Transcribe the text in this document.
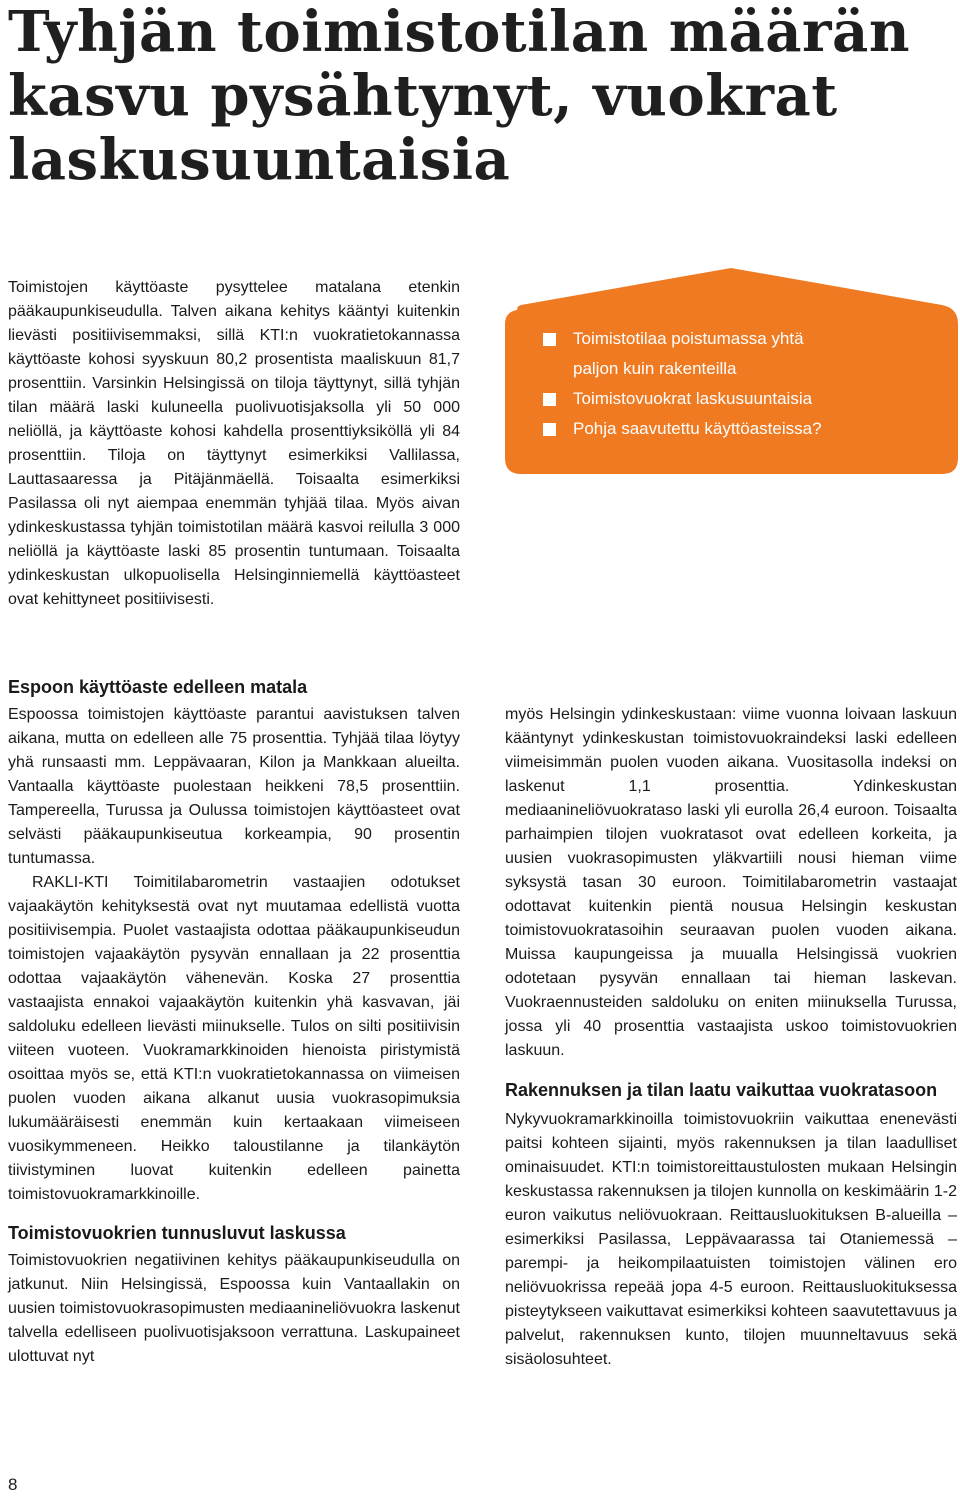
Tyhjän toimistotilan määrän
kasvu pysähtynyt, vuokrat
laskusuuntaisia

Toimistojen käyttöaste pysyttelee matalana etenkin pääkaupunkiseudulla. Talven aikana kehitys kääntyi kuitenkin lievästi positiivisemmaksi, sillä KTI:n vuokratietokannassa käyttöaste kohosi syyskuun 80,2 prosentista maaliskuun 81,7 prosenttiin. Varsinkin Helsingissä on tiloja täyttynyt, sillä tyhjän tilan määrä laski kuluneella puolivuotisjaksolla yli 50 000 neliöllä, ja käyttöaste kohosi kahdella prosenttiyksiköllä yli 84 prosenttiin. Tiloja on täyttynyt esimerkiksi Vallilassa, Lauttasaaressa ja Pitäjänmäellä. Toisaalta esimerkiksi Pasilassa oli nyt aiempaa enemmän tyhjää tilaa. Myös aivan ydinkeskustassa tyhjän toimistotilan määrä kasvoi reilulla 3 000 neliöllä ja käyttöaste laski 85 prosentin tuntumaan. Toisaalta ydinkeskustan ulkopuolisella Helsinginniemellä käyttöasteet ovat kehittyneet positiivisesti.

Toimistotilaa poistumassa yhtä
paljon kuin rakenteilla
Toimistovuokrat laskusuuntaisia
Pohja saavutettu käyttöasteissa?
Espoon käyttöaste edelleen matala

Espoossa toimistojen käyttöaste parantui aavistuksen talven aikana, mutta on edelleen alle 75 prosenttia. Tyhjää tilaa löytyy yhä runsaasti mm. Leppävaaran, Kilon ja Mankkaan alueilta. Vantaalla käyttöaste puolestaan heikkeni 78,5 prosenttiin. Tampereella, Turussa ja Oulussa toimistojen käyttöasteet ovat selvästi pääkaupunkiseutua korkeampia, 90 prosentin tuntumassa.

RAKLI-KTI Toimitilabarometrin vastaajien odotukset vajaakäytön kehityksestä ovat nyt muutamaa edellistä vuotta positiivisempia. Puolet vastaajista odottaa pääkaupunkiseudun toimistojen vajaakäytön pysyvän ennallaan ja 22 prosenttia odottaa vajaakäytön vähenevän. Koska 27 prosenttia vastaajista ennakoi vajaakäytön kuitenkin yhä kasvavan, jäi saldoluku edelleen lievästi miinukselle. Tulos on silti positiivisin viiteen vuoteen. Vuokramarkkinoiden hienoista piristymistä osoittaa myös se, että KTI:n vuokratietokannassa on viimeisen puolen vuoden aikana alkanut uusia vuokrasopimuksia lukumääräisesti enemmän kuin kertaakaan viimeiseen vuosikymmeneen. Heikko taloustilanne ja tilankäytön tiivistyminen luovat kuitenkin edelleen painetta toimistovuokramarkkinoille.

Toimistovuokrien tunnusluvut laskussa

Toimistovuokrien negatiivinen kehitys pääkaupunkiseudulla on jatkunut. Niin Helsingissä, Espoossa kuin Vantaallakin on uusien toimistovuokrasopimusten mediaanineliövuokra laskenut talvella edelliseen puolivuotisjaksoon verrattuna. Laskupaineet ulottuvat nyt

myös Helsingin ydinkeskustaan: viime vuonna loivaan laskuun kääntynyt ydinkeskustan toimistovuokraindeksi laski edelleen viimeisimmän puolen vuoden aikana. Vuositasolla indeksi on laskenut 1,1 prosenttia. Ydinkeskustan mediaanineliövuokrataso laski yli eurolla 26,4 euroon. Toisaalta parhaimpien tilojen vuokratasot ovat edelleen korkeita, ja uusien vuokrasopimusten yläkvartiili nousi hieman viime syksystä tasan 30 euroon. Toimitilabarometrin vastaajat odottavat kuitenkin pientä nousua Helsingin keskustan toimistovuokratasoihin seuraavan puolen vuoden aikana. Muissa kaupungeissa ja muualla Helsingissä vuokrien odotetaan pysyvän ennallaan tai hieman laskevan. Vuokraennusteiden saldoluku on eniten miinuksella Turussa, jossa yli 40 prosenttia vastaajista uskoo toimistovuokrien laskuun.

Rakennuksen ja tilan laatu vaikuttaa vuokratasoon

Nykyvuokramarkkinoilla toimistovuokriin vaikuttaa enenevästi paitsi kohteen sijainti, myös rakennuksen ja tilan laadulliset ominaisuudet. KTI:n toimistoreittaustulosten mukaan Helsingin keskustassa rakennuksen ja tilojen kunnolla on keskimäärin 1-2 euron vaikutus neliövuokraan. Reittausluokituksen B-alueilla – esimerkiksi Pasilassa, Leppävaarassa tai Otaniemessä – parempi- ja heikompilaatuisten toimistojen välinen ero neliövuokrissa repeää jopa 4-5 euroon. Reittausluokituksessa pisteytykseen vaikuttavat esimerkiksi kohteen saavutettavuus ja palvelut, rakennuksen kunto, tilojen muunneltavuus sekä sisäolosuhteet.

8
